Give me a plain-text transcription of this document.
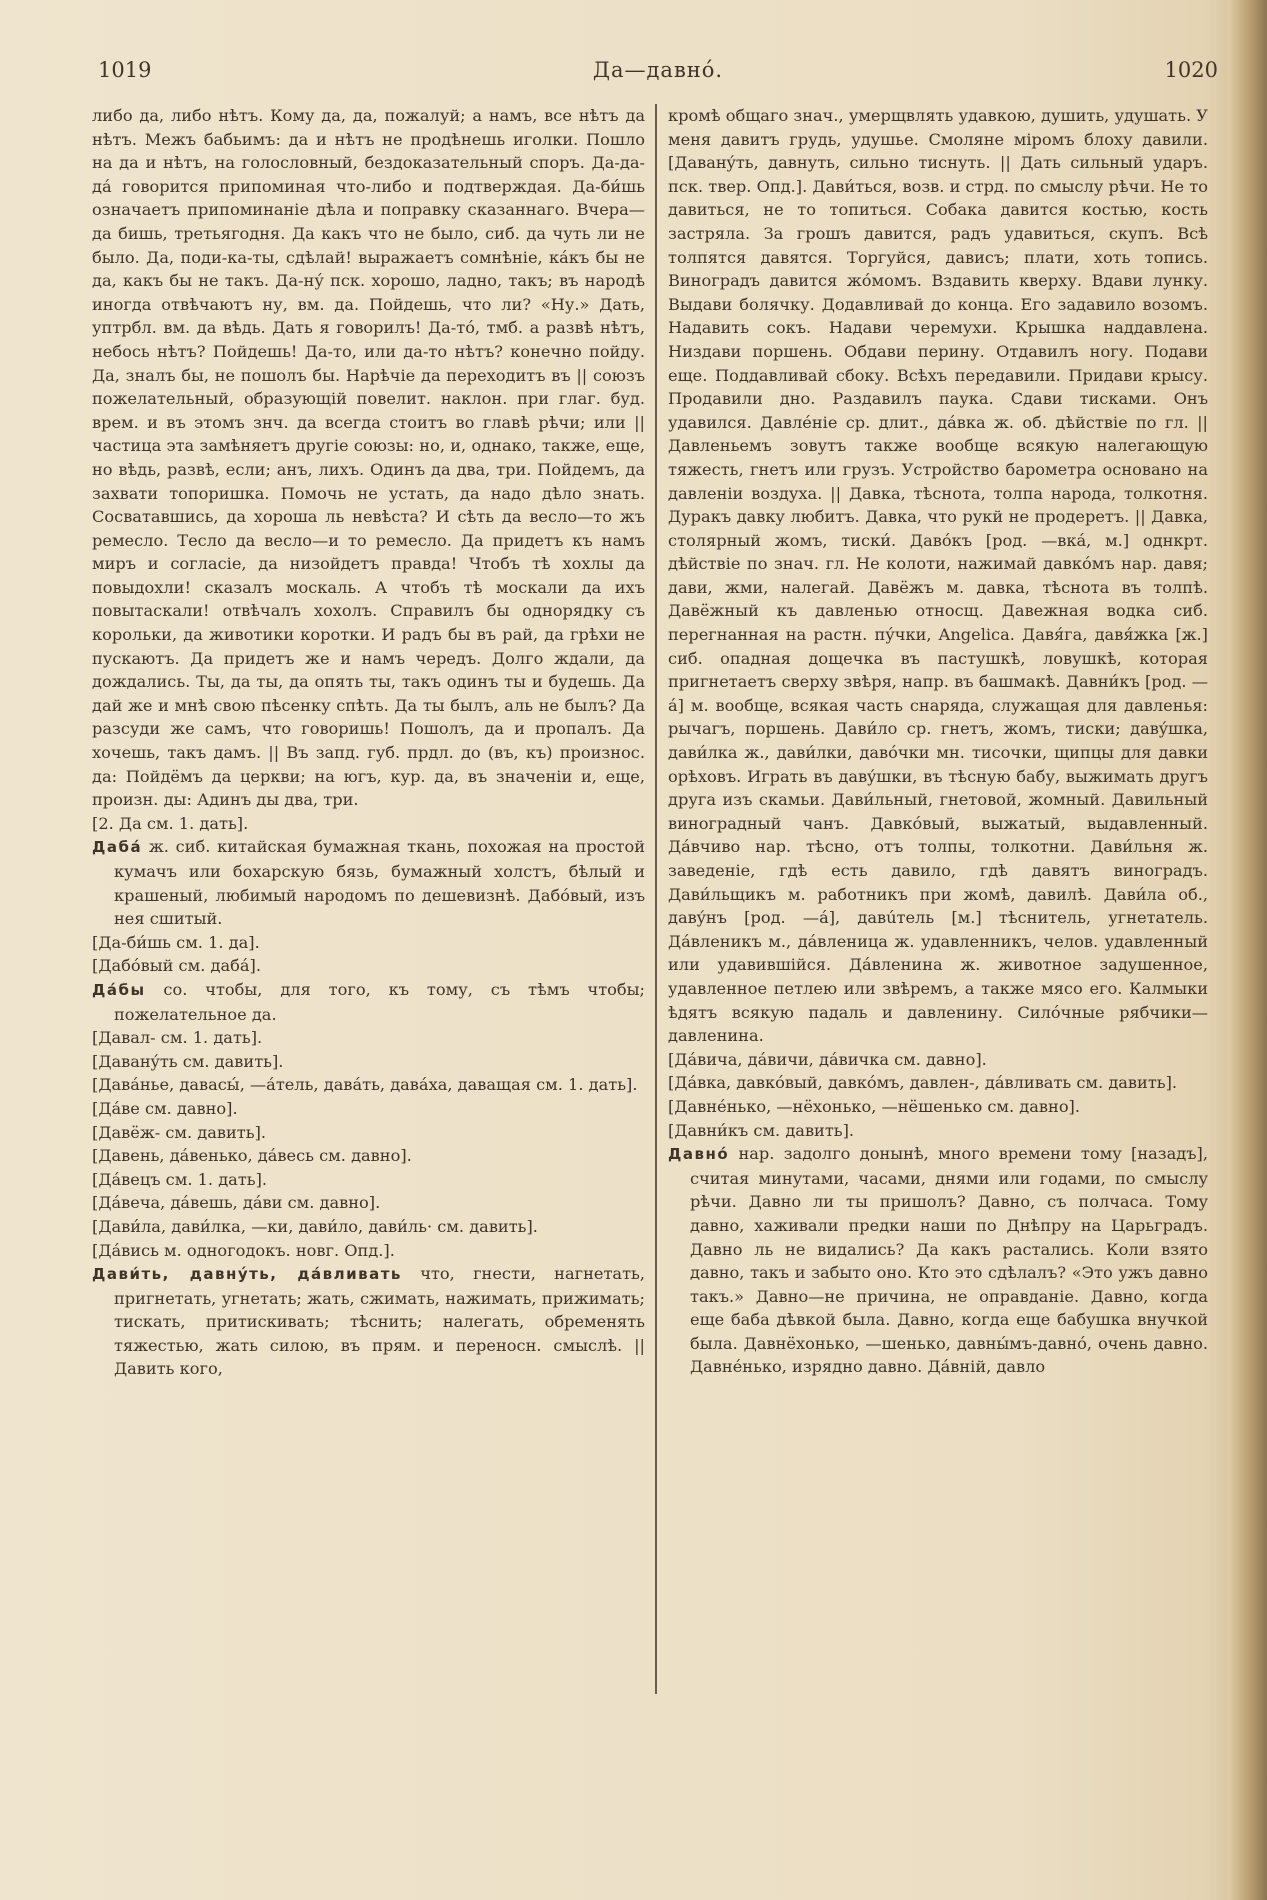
1019	Да—давно́.	1020

либо да, либо нѣтъ. Кому да, да, пожалуй; а намъ, все нѣтъ да нѣтъ. Межъ бабьимъ: да и нѣтъ не продѣнешь иголки. Пошло на да и нѣтъ, на голословный, бездоказательный споръ. Да-да-да́ говорится припоминая что-либо и подтверждая. Да-би́шь означаетъ припоминаніе дѣла и поправку сказаннаго. Вчера—да бишь, третьягодня. Да какъ что не было, сиб. да чуть ли не было. Да, поди-ка-ты, сдѣлай! выражаетъ сомнѣніе, ка́къ бы не да, какъ бы не такъ. Да-ну́ пск. хорошо, ладно, такъ; въ народѣ иногда отвѣчаютъ ну, вм. да. Пойдешь, что ли? «Ну.» Дать, уптрбл. вм. да вѣдь. Дать я говорилъ! Да-то́, тмб. а развѣ нѣтъ, небось нѣтъ? Пойдешь! Да-то, или да-то нѣтъ? конечно пойду. Да, зналъ бы, не пошолъ бы. Нарѣчіе да переходитъ въ || союзъ пожелательный, образующій повелит. наклон. при глаг. буд. врем. и въ этомъ знч. да всегда стоитъ во главѣ рѣчи; или || частица эта замѣняетъ другіе союзы: но, и, однако, также, еще, но вѣдь, развѣ, если; анъ, лихъ. Одинъ да два, три. Пойдемъ, да захвати топоришка. Помочь не устать, да надо дѣло знать. Сосватавшись, да хороша ль невѣста? И сѣть да весло—то жъ ремесло. Тесло да весло—и то ремесло. Да придетъ къ намъ миръ и согласіе, да низойдетъ правда! Чтобъ тѣ хохлы да повыдохли! сказалъ москаль. А чтобъ тѣ москали да ихъ повытаскали! отвѣчалъ хохолъ. Справилъ бы однорядку съ корольки, да животики коротки. И радъ бы въ рай, да грѣхи не пускаютъ. Да придетъ же и намъ чередъ. Долго ждали, да дождались. Ты, да ты, да опять ты, такъ одинъ ты и будешь. Да дай же и мнѣ свою пѣсенку спѣть. Да ты былъ, аль не былъ? Да разсуди же самъ, что говоришь! Пошолъ, да и пропалъ. Да хочешь, такъ дамъ. || Въ запд. губ. прдл. до (въ, къ) произнос. да: Пойдёмъ да церкви; на югъ, кур. да, въ значеніи и, еще, произн. ды: Адинъ ды два, три.

[2. Да см. 1. дать].

Даба́ ж. сиб. китайская бумажная ткань, похожая на простой кумачъ или бохарскую бязь, бумажный холстъ, бѣлый и крашеный, любимый народомъ по дешевизнѣ. Дабо́вый, изъ нея сшитый.

[Да-би́шь см. 1. да].

[Дабо́вый см. даба́].

Да́бы со. чтобы, для того, къ тому, съ тѣмъ чтобы; пожелательное да.

[Давал- см. 1. дать].

[Даванýть см. давить].

[Дава́нье, давасы́, —а́тель, дава́ть, дава́ха, даващая см. 1. дать].

[Да́ве см. давно].

[Давёж- см. давить].

[Давень, да́венько, да́весь см. давно].

[Да́вецъ см. 1. дать].

[Да́веча, да́вешь, да́ви см. давно].

[Дави́ла, дави́лка, —ки, дави́ло, дави́ль· см. давить].

[Да́вись м. одногодокъ. новг. Опд.].

Дави́ть, давнýть, да́вливать что, гнести, нагнетать, пригнетать, угнетать; жать, сжимать, нажимать, прижимать; тискать, притискивать; тѣснить; налегать, обременять тяжестью, жать силою, въ прям. и переносн. смыслѣ. || Давить кого,

кромѣ общаго знач., умерщвлять удавкою, душить, удушать. У меня давитъ грудь, удушье. Смоляне міромъ блоху давили. [Даванýть, давнуть, сильно тиснуть. || Дать сильный ударъ. пск. твер. Опд.]. Дави́ться, возв. и стрд. по смыслу рѣчи. Не то давиться, не то топиться. Собака давится костью, кость застряла. За грошъ давится, радъ удавиться, скупъ. Всѣ толпятся давятся. Торгуйся, дависъ; плати, хоть топись. Виноградъ давится жо́момъ. Вздавить кверху. Вдави лунку. Выдави болячку. Додавливай до конца. Его задавило возомъ. Надавить сокъ. Надави черемухи. Крышка наддавлена. Низдави поршень. Обдави перину. Отдавилъ ногу. Подави еще. Поддавливай сбоку. Всѣхъ передавили. Придави крысу. Продавили дно. Раздавилъ паука. Сдави тисками. Онъ удавился. Давле́ніе ср. длит., да́вка ж. об. дѣйствіе по гл. || Давленьемъ зовутъ также вообще всякую налегающую тяжесть, гнетъ или грузъ. Устройство барометра основано на давленіи воздуха. || Давка, тѣснота, толпа народа, толкотня. Дуракъ давку любитъ. Давка, что рукй не продеретъ. || Давка, столярный жомъ, тиски́. Даво́къ [род. —вка́, м.] однкрт. дѣйствіе по знач. гл. Не колоти, нажимай давко́мъ нар. давя; дави, жми, налегай. Давёжъ м. давка, тѣснота въ толпѣ. Давёжный къ давленью относщ. Давежная водка сиб. перегнанная на растн. пу́чки, Angelica. Давя́га, давя́жка [ж.] сиб. опадная дощечка въ пастушкѣ, ловушкѣ, которая пригнетаетъ сверху звѣря, напр. въ башмакѣ. Давни́къ [род. —а́] м. вообще, всякая часть снаряда, служащая для давленья: рычагъ, поршень. Дави́ло ср. гнетъ, жомъ, тиски; давýшка, дави́лка ж., дави́лки, давóчки мн. тисочки, щипцы для давки орѣховъ. Играть въ давýшки, въ тѣсную бабу, выжимать другъ друга изъ скамьи. Дави́льный, гнетовой, жомный. Давильный виноградный чанъ. Давко́вый, выжатый, выдавленный. Да́вчиво нар. тѣсно, отъ толпы, толкотни. Дави́льня ж. заведеніе, гдѣ есть давило, гдѣ давятъ виноградъ. Дави́льщикъ м. работникъ при жомѣ, давилѣ. Дави́ла об., давýнъ [род. —а́], давúтель [м.] тѣснитель, угнетатель. Да́вленикъ м., да́вленица ж. удавленникъ, челов. удавленный или удавившійся. Да́вленина ж. животное задушенное, удавленное петлею или звѣремъ, а также мясо его. Калмыки ѣдятъ всякую падаль и давленину. Силóчные рябчики—давленина.

[Да́вича, да́вичи, да́вичка см. давно].

[Да́вка, давко́вый, давко́мъ, давлен-, да́вливать см. давить].

[Давне́нько, —нёхонько, —нёшенько см. давно].

[Давни́къ см. давить].

Давно́ нар. задолго донынѣ, много времени тому [назадъ], считая минутами, часами, днями или годами, по смыслу рѣчи. Давно ли ты пришолъ? Давно, съ полчаса. Тому давно, хаживали предки наши по Днѣпру на Царьградъ. Давно ль не видались? Да какъ растались. Коли взято давно, такъ и забыто оно. Кто это сдѣлалъ? «Это ужъ давно такъ.» Давно—не причина, не оправданіе. Давно, когда еще баба дѣвкой была. Давно, когда еще бабушка внучкой была. Давнёхонько, —шенько, давны́мъ-давно́, очень давно. Давне́нько, изрядно давно. Да́вній, давло
